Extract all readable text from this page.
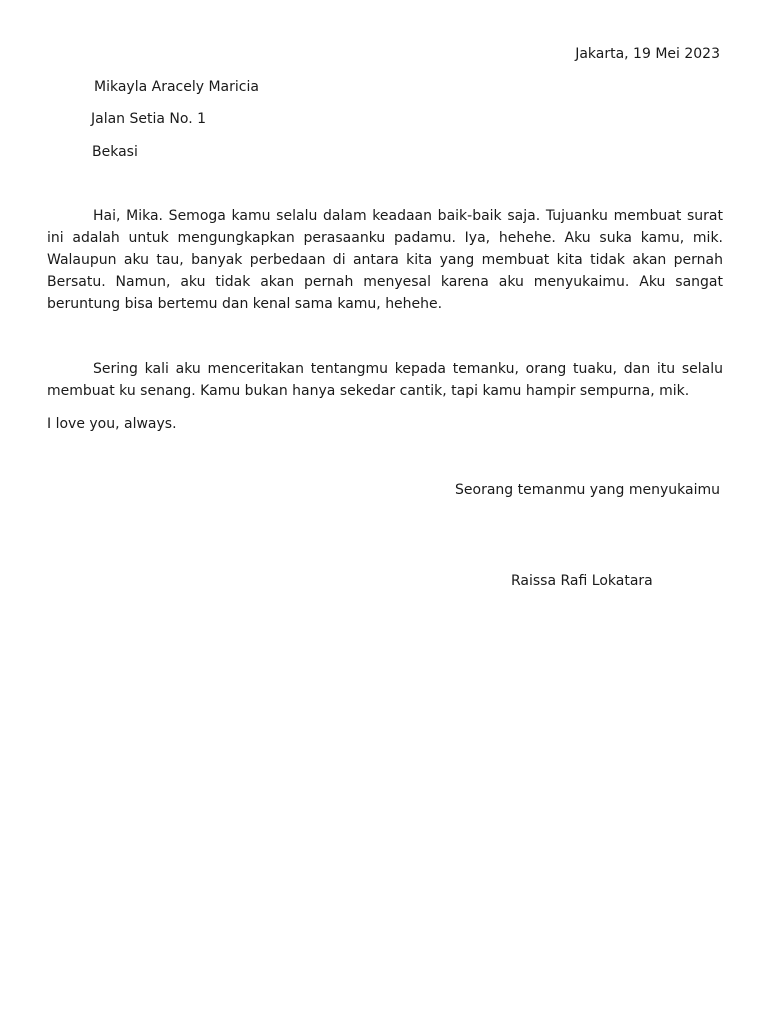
Jakarta, 19 Mei 2023

Mikayla Aracely Maricia

Jalan Setia No. 1

Bekasi

Hai, Mika. Semoga kamu selalu dalam keadaan baik-baik saja. Tujuanku membuat surat ini adalah untuk mengungkapkan perasaanku padamu. Iya, hehehe. Aku suka kamu, mik. Walaupun aku tau, banyak perbedaan di antara kita yang membuat kita tidak akan pernah Bersatu. Namun, aku tidak akan pernah menyesal karena aku menyukaimu. Aku sangat beruntung bisa bertemu dan kenal sama kamu, hehehe.

Sering kali aku menceritakan tentangmu kepada temanku, orang tuaku, dan itu selalu membuat ku senang. Kamu bukan hanya sekedar cantik, tapi kamu hampir sempurna, mik.

I love you, always.

Seorang temanmu yang menyukaimu

Raissa Rafi Lokatara
